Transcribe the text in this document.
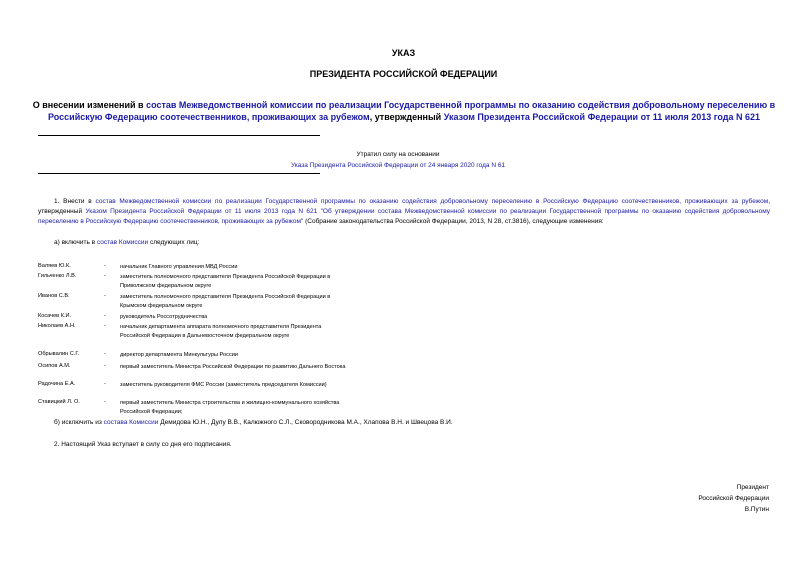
УКАЗ
ПРЕЗИДЕНТА РОССИЙСКОЙ ФЕДЕРАЦИИ
О внесении изменений в состав Межведомственной комиссии по реализации Государственной программы по оказанию содействия добровольному переселению в Российскую Федерацию соотечественников, проживающих за рубежом, утвержденный Указом Президента Российской Федерации от 11 июля 2013 года N 621
Утратил силу на основании
Указа Президента Российской Федерации от 24 января 2020 года N 61
1. Внести в состав Межведомственной комиссии по реализации Государственной программы по оказанию содействия добровольному переселению в Российскую Федерацию соотечественников, проживающих за рубежом, утвержденный Указом Президента Российской Федерации от 11 июля 2013 года N 621 "Об утверждении состава Межведомственной комиссии по реализации Государственной программы по оказанию содействия добровольному переселению в Российскую Федерацию соотечественников, проживающих за рубежом" (Собрание законодательства Российской Федерации, 2013, N 28, ст.3816), следующие изменения:
а) включить в состав Комиссии следующих лиц:
Валяев Ю.К.	-	начальник Главного управления МВД России
Гильченко Л.В.	-	заместитель полномочного представителя Президента Российской Федерации в Приволжском федеральном округе
Иванов С.В.	-	заместитель полномочного представителя Президента Российской Федерации в Крымском федеральном округе
Косачев К.И.	-	руководитель Россотрудничества
Николаев А.Н.	-	начальник департамента аппарата полномочного представителя Президента Российской Федерации в Дальневосточном федеральном округе
Обрывалин С.Г.	-	директор департамента Минкультуры России
Осипов А.М.	-	первый заместитель Министра Российской Федерации по развитию Дальнего Востока
Радочина Е.А.	-	заместитель руководителя ФМС России (заместитель председателя Комиссии)
Ставицкий Л. О.	-	первый заместитель Министра строительства и жилищно-коммунального хозяйства Российской Федерации;
б) исключить из состава Комиссии Демидова Ю.Н., Дулу В.В., Калюжного С.Л., Сковородникова М.А., Хлапова В.Н. и Швецова В.И.
2. Настоящий Указ вступает в силу со дня его подписания.
Президент
Российской Федерации
В.Путин
